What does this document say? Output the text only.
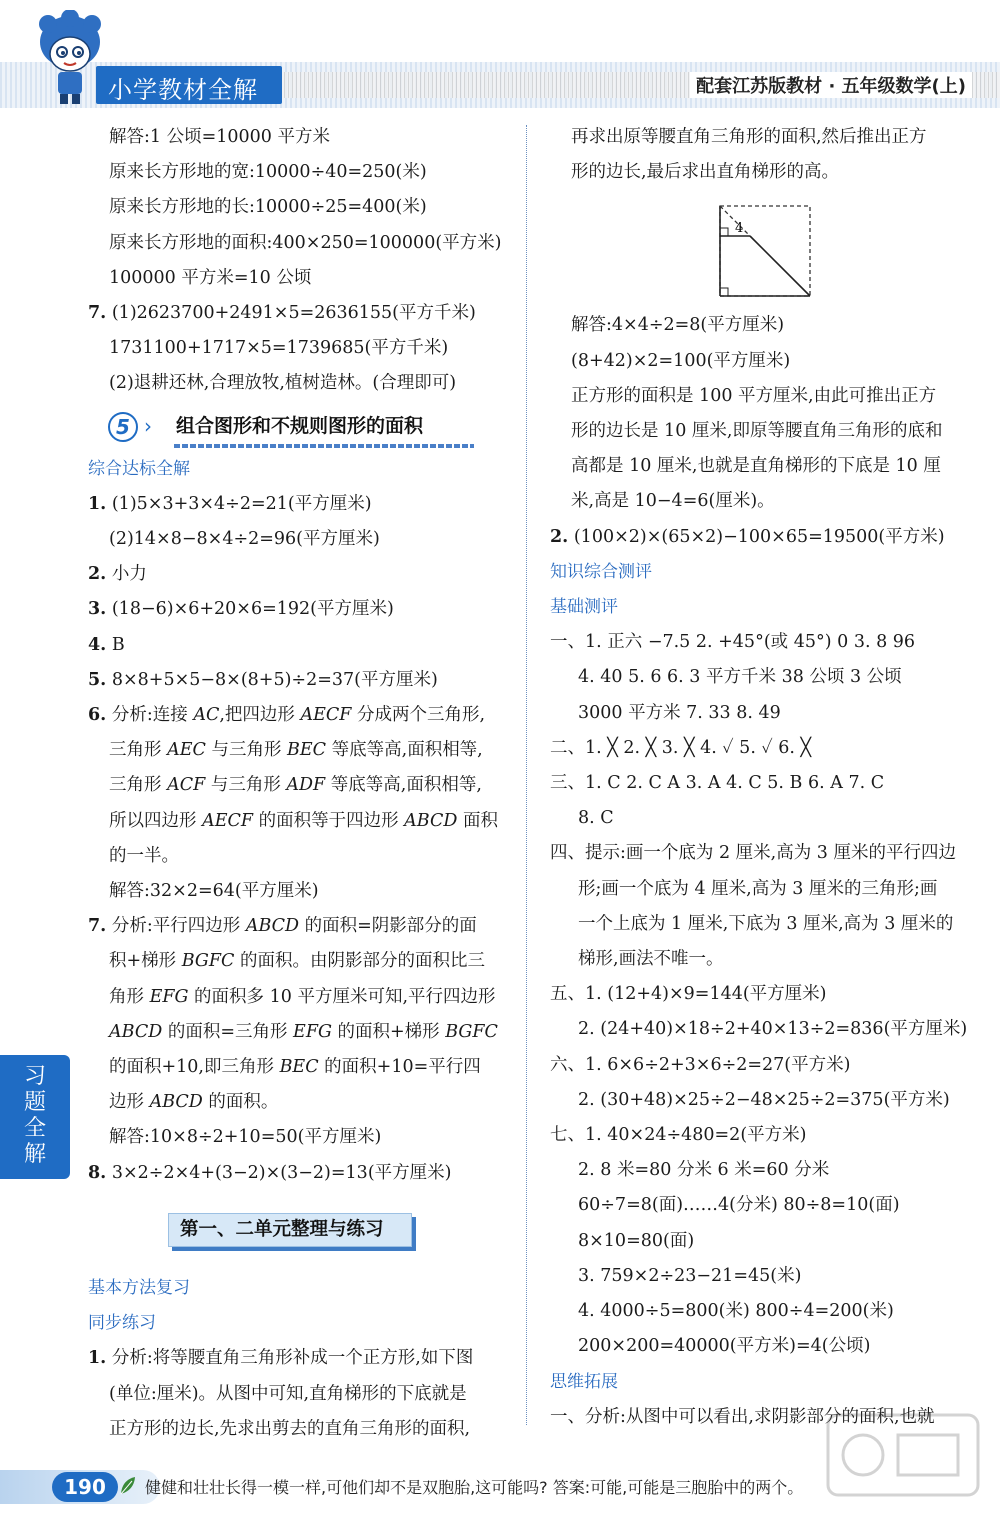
小学教材全解	配套江苏版教材 · 五年级数学(上)
解答:1 公顷=10000 平方米
原来长方形地的宽:10000÷40=250(米)
原来长方形地的长:10000÷25=400(米)
原来长方形地的面积:400×250=100000(平方米)
100000 平方米=10 公顷
7. (1)2623700+2491×5=2636155(平方千米)
1731100+1717×5=1739685(平方千米)
(2)退耕还林,合理放牧,植树造林。(合理即可)
5 › 组合图形和不规则图形的面积
综合达标全解
1. (1)5×3+3×4÷2=21(平方厘米)
(2)14×8−8×4÷2=96(平方厘米)
2. 小力
3. (18−6)×6+20×6=192(平方厘米)
4. B
5. 8×8+5×5−8×(8+5)÷2=37(平方厘米)
6. 分析:连接 AC,把四边形 AECF 分成两个三角形,
三角形 AEC 与三角形 BEC 等底等高,面积相等,
三角形 ACF 与三角形 ADF 等底等高,面积相等,
所以四边形 AECF 的面积等于四边形 ABCD 面积
的一半。
解答:32×2=64(平方厘米)
7. 分析:平行四边形 ABCD 的面积=阴影部分的面
积+梯形 BGFC 的面积。由阴影部分的面积比三
角形 EFG 的面积多 10 平方厘米可知,平行四边形
ABCD 的面积=三角形 EFG 的面积+梯形 BGFC
的面积+10,即三角形 BEC 的面积+10=平行四
边形 ABCD 的面积。
解答:10×8÷2+10=50(平方厘米)
8. 3×2÷2×4+(3−2)×(3−2)=13(平方厘米)
第一、二单元整理与练习
基本方法复习
同步练习
1. 分析:将等腰直角三角形补成一个正方形,如下图
(单位:厘米)。从图中可知,直角梯形的下底就是
正方形的边长,先求出剪去的直角三角形的面积,
再求出原等腰直角三角形的面积,然后推出正方
形的边长,最后求出直角梯形的高。
4
解答:4×4÷2=8(平方厘米)
(8+42)×2=100(平方厘米)
正方形的面积是 100 平方厘米,由此可推出正方
形的边长是 10 厘米,即原等腰直角三角形的底和
高都是 10 厘米,也就是直角梯形的下底是 10 厘
米,高是 10−4=6(厘米)。
2. (100×2)×(65×2)−100×65=19500(平方米)
知识综合测评
基础测评
一、1. 正六 −7.5 2. +45°(或 45°) 0 3. 8 96
4. 40 5. 6 6. 3 平方千米 38 公顷 3 公顷
3000 平方米 7. 33 8. 49
二、1. ╳ 2. ╳ 3. ╳ 4. ✓ 5. ✓ 6. ╳
三、1. C 2. C A 3. A 4. C 5. B 6. A 7. C
8. C
四、提示:画一个底为 2 厘米,高为 3 厘米的平行四边
形;画一个底为 4 厘米,高为 3 厘米的三角形;画
一个上底为 1 厘米,下底为 3 厘米,高为 3 厘米的
梯形,画法不唯一。
五、1. (12+4)×9=144(平方厘米)
2. (24+40)×18÷2+40×13÷2=836(平方厘米)
六、1. 6×6÷2+3×6÷2=27(平方米)
2. (30+48)×25÷2−48×25÷2=375(平方米)
七、1. 40×24÷480=2(平方米)
2. 8 米=80 分米 6 米=60 分米
60÷7=8(面)……4(分米) 80÷8=10(面)
8×10=80(面)
3. 759×2÷23−21=45(米)
4. 4000÷5=800(米) 800÷4=200(米)
200×200=40000(平方米)=4(公顷)
思维拓展
一、分析:从图中可以看出,求阴影部分的面积,也就
习题全解
190	健健和壮壮长得一模一样,可他们却不是双胞胎,这可能吗? 答案:可能,可能是三胞胎中的两个。
